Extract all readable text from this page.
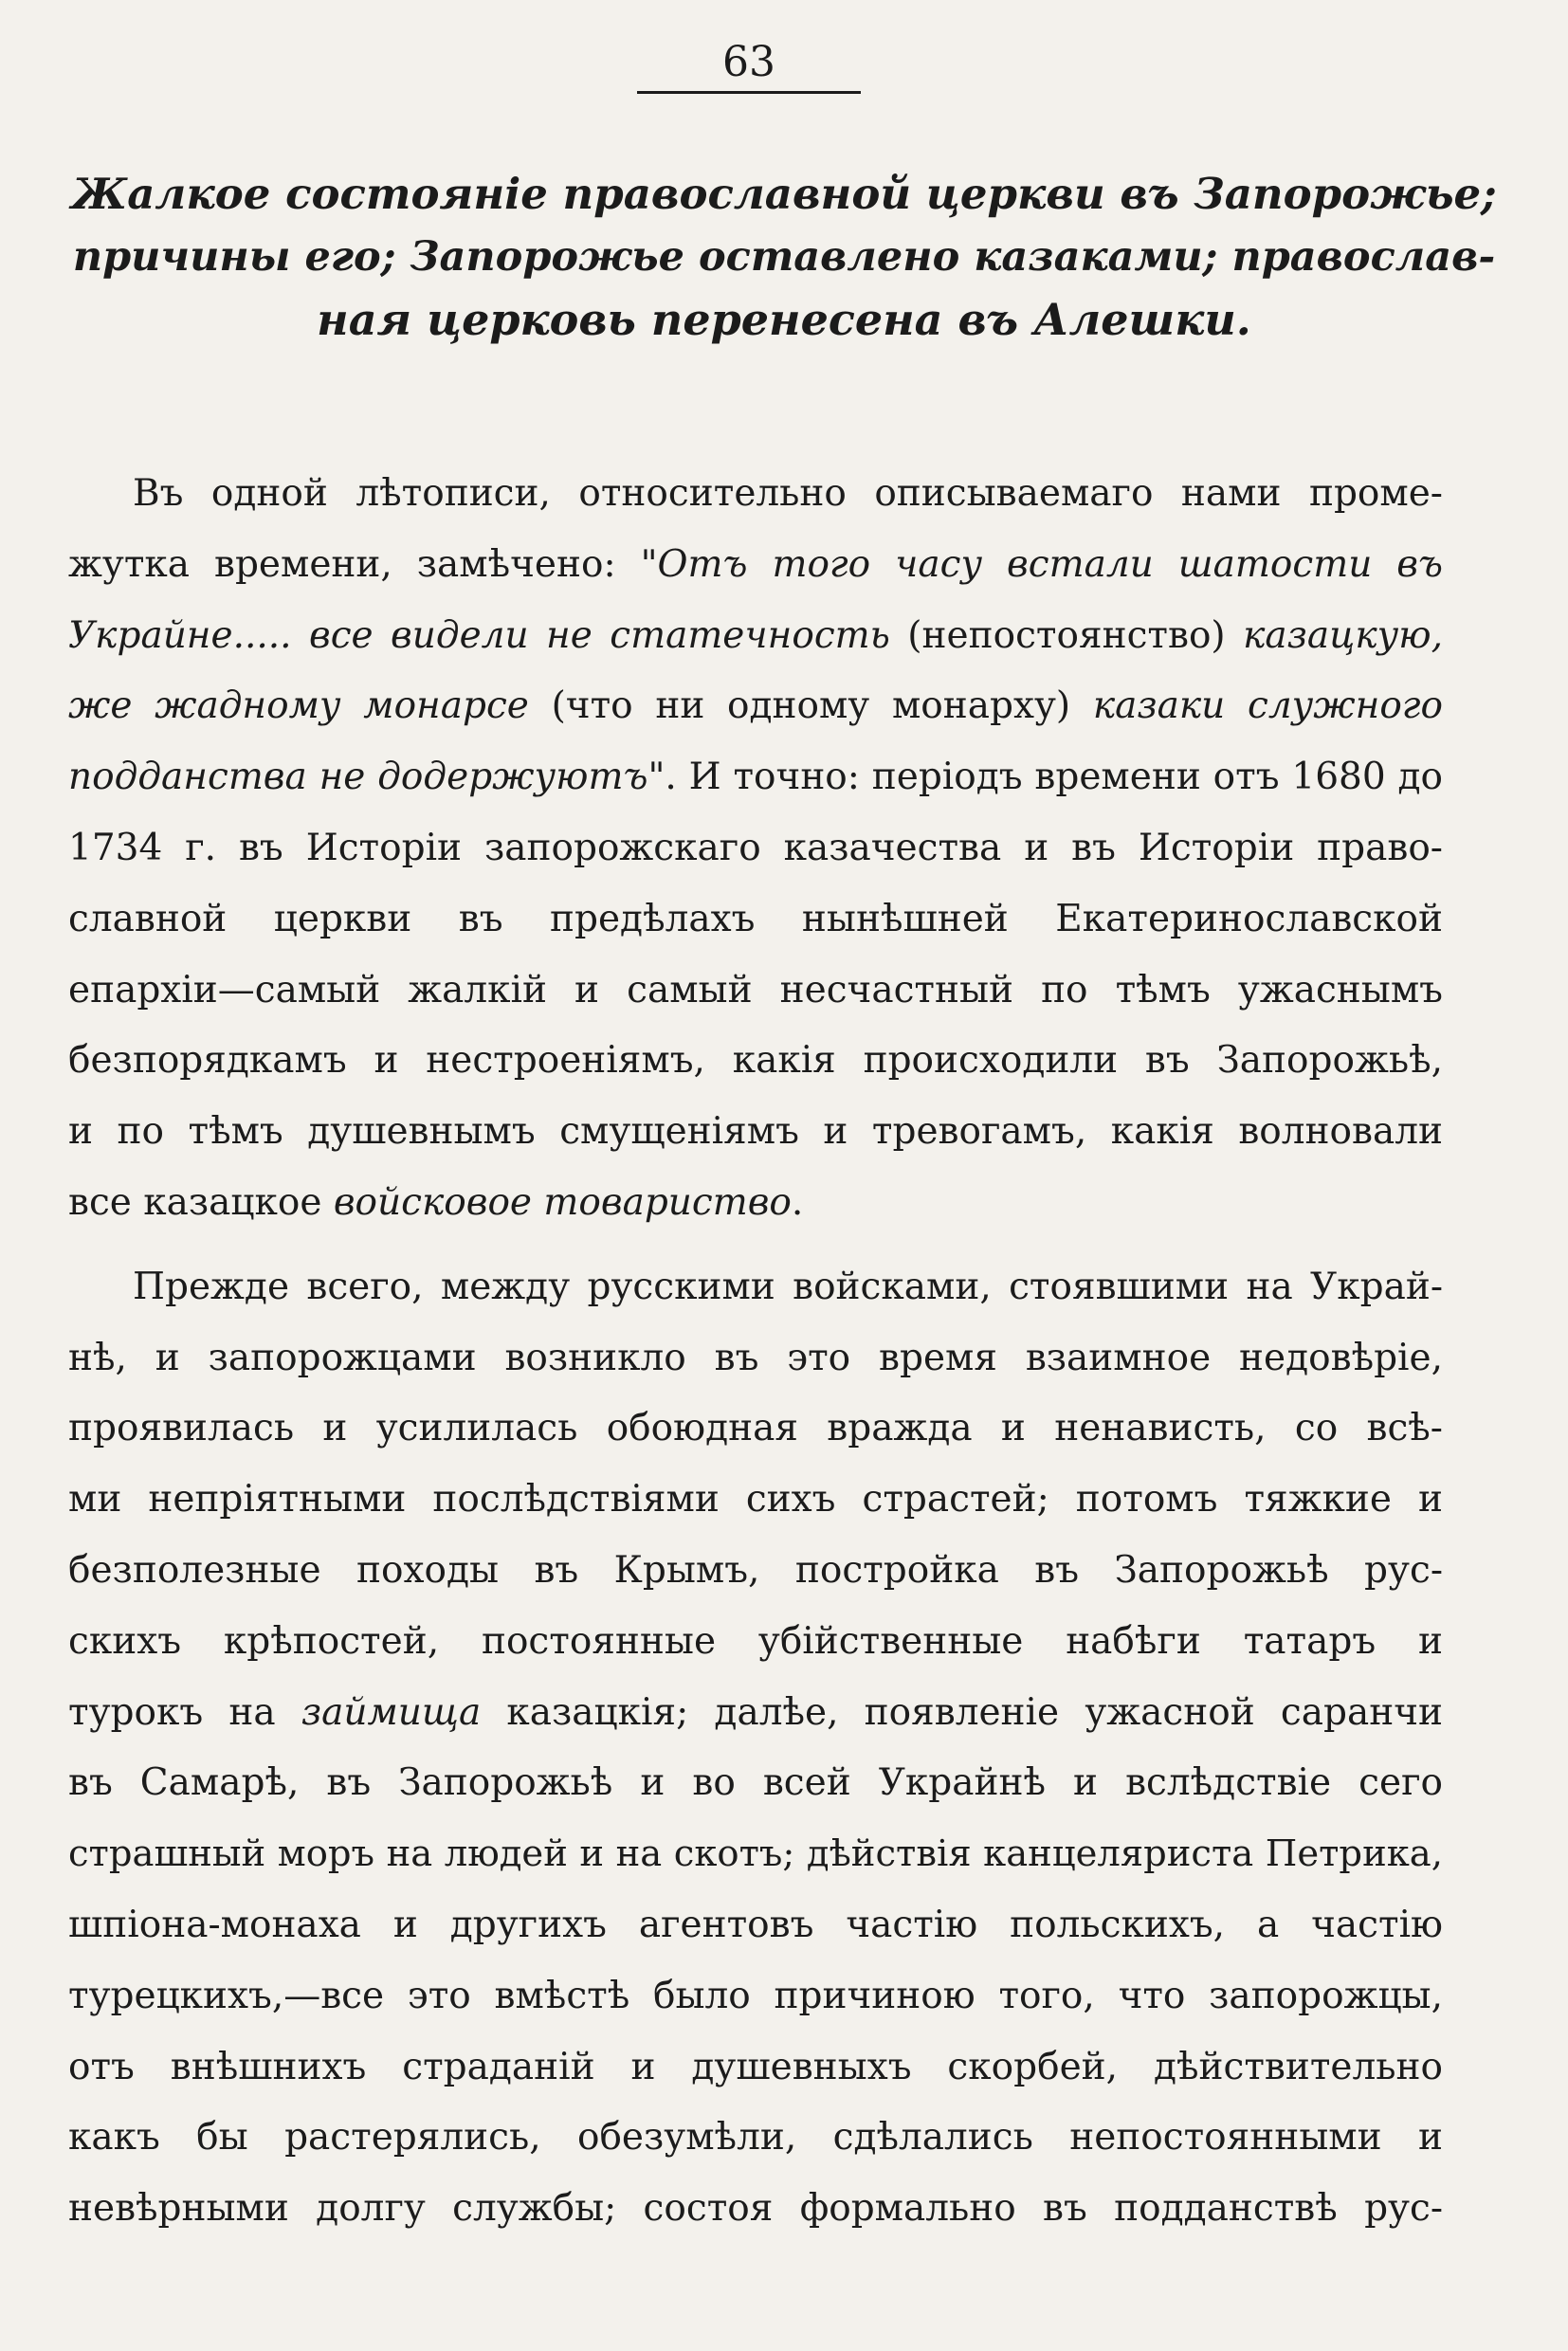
63
Жалкое состоянiе православной церкви въ Запорожье;
причины его; Запорожье оставлено казаками; православ-
ная церковь перенесена въ Алешки.
Въ одной лѣтописи, относительно описываемаго нами проме-
жутка времени, замѣчено: "Отъ того часу встали шатости въ
Украйне..... все видели не статечность (непостоянство) казацкую,
же жадному монарсе (что ни одному монарху) казаки служного
подданства не додержуютъ". И точно: перiодъ времени отъ 1680 до
1734 г. въ Исторiи запорожскаго казачества и въ Исторiи право-
славной церкви въ предѣлахъ нынѣшней Екатеринославской
епархiи—самый жалкiй и самый несчастный по тѣмъ ужаснымъ
безпорядкамъ и нестроенiямъ, какiя происходили въ Запорожьѣ,
и по тѣмъ душевнымъ смущенiямъ и тревогамъ, какiя волновали
все казацкое войсковое товариство.
Прежде всего, между русскими войсками, стоявшими на Украй-
нѣ, и запорожцами возникло въ это время взаимное недовѣрiе,
проявилась и усилилась обоюдная вражда и ненависть, со всѣ-
ми непрiятными послѣдствiями сихъ страстей; потомъ тяжкие и
безполезные походы въ Крымъ, постройка въ Запорожьѣ рус-
скихъ крѣпостей, постоянные убiйственные набѣги татаръ и
турокъ на займища казацкiя; далѣе, появленiе ужасной саранчи
въ Самарѣ, въ Запорожьѣ и во всей Украйнѣ и вслѣдствiе сего
страшный моръ на людей и на скотъ; дѣйствiя канцеляриста Петрика,
шпiона-монаха и другихъ агентовъ частiю польскихъ, а частiю
турецкихъ,—все это вмѣстѣ было причиною того, что запорожцы,
отъ внѣшнихъ страданiй и душевныхъ скорбей, дѣйствительно
какъ бы растерялись, обезумѣли, сдѣлались непостоянными и
невѣрными долгу службы; состоя формально въ подданствѣ рус-
